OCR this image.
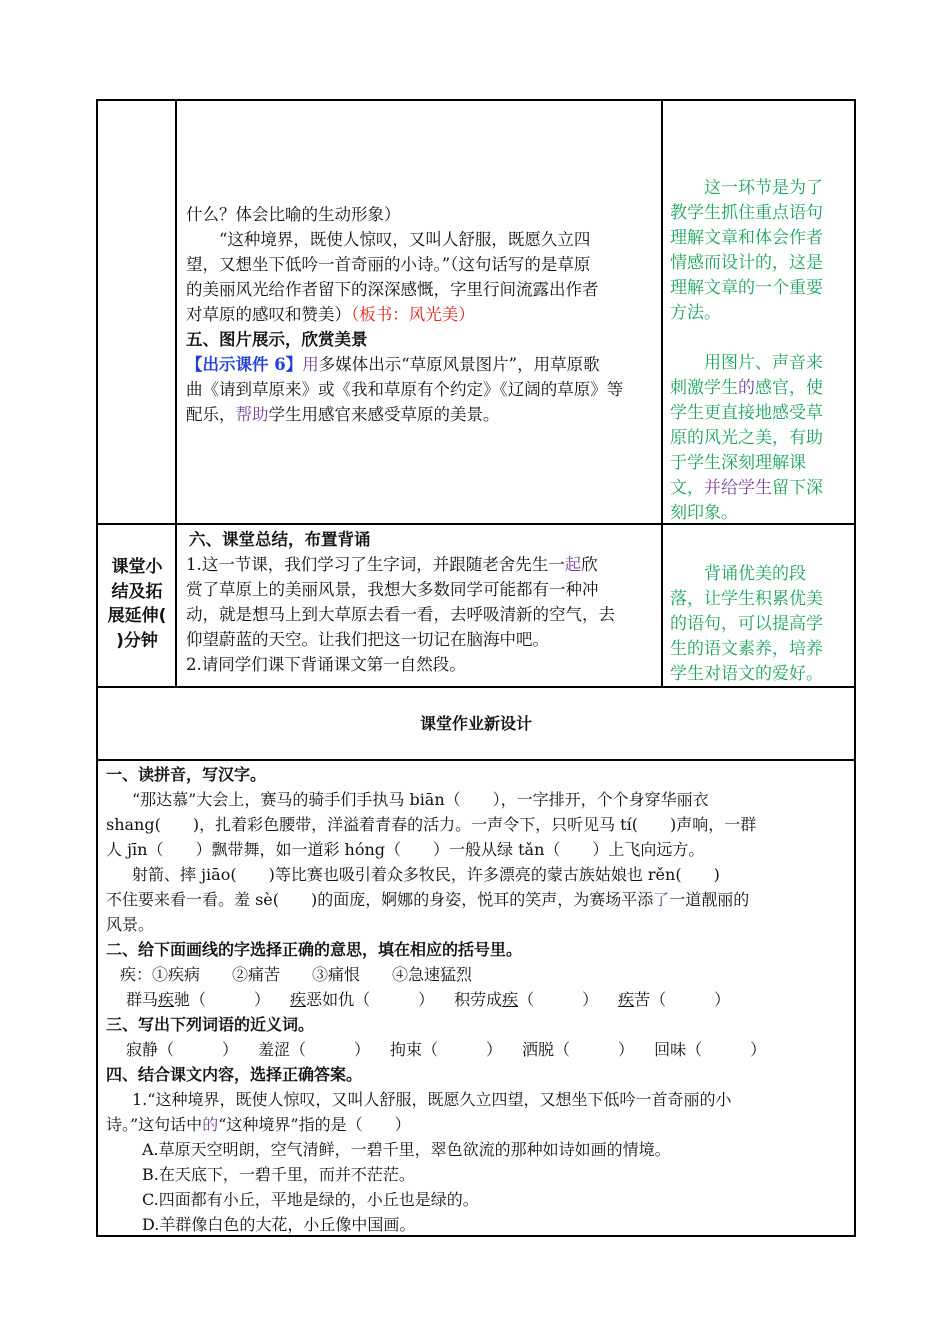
什么？体会比喻的生动形象）

“这种境界，既使人惊叹，又叫人舒服，既愿久立四

望，又想坐下低吟一首奇丽的小诗。”（这句话写的是草原

的美丽风光给作者留下的深深感慨，字里行间流露出作者

对草原的感叹和赞美）（板书：风光美）

五、图片展示，欣赏美景

【出示课件 6】用多媒体出示“草原风景图片”，用草原歌

曲《请到草原来》或《我和草原有个约定》《辽阔的草原》等

配乐，帮助学生用感官来感受草原的美景。

这一环节是为了

教学生抓住重点语句

理解文章和体会作者

情感而设计的，这是

理解文章的一个重要

方法。

用图片、声音来

刺激学生的感官，使

学生更直接地感受草

原的风光之美，有助

于学生深刻理解课

文，并给学生留下深

刻印象。

课堂小

结及拓

展延伸(

)分钟

六、课堂总结，布置背诵

1.这一节课，我们学习了生字词，并跟随老舍先生一起欣

赏了草原上的美丽风景，我想大多数同学可能都有一种冲

动，就是想马上到大草原去看一看，去呼吸清新的空气，去

仰望蔚蓝的天空。让我们把这一切记在脑海中吧。

2.请同学们课下背诵课文第一自然段。

背诵优美的段

落，让学生积累优美

的语句，可以提高学

生的语文素养，培养

学生对语文的爱好。

课堂作业新设计

一、读拼音，写汉字。

“那达慕”大会上，赛马的骑手们手执马 biān（　　），一字排开，个个身穿华丽衣

shang(　　)，扎着彩色腰带，洋溢着青春的活力。一声令下，只听见马 tí(　　)声响，一群

人 jīn（　　）飘带舞，如一道彩 hóng（　　）一般从绿 tǎn（　　）上飞向远方。

射箭、摔 jiāo(　　)等比赛也吸引着众多牧民，许多漂亮的蒙古族姑娘也 rěn(　　)

不住要来看一看。羞 sè(　　)的面庞，婀娜的身姿，悦耳的笑声，为赛场平添了一道靓丽的

风景。

二、给下面画线的字选择正确的意思，填在相应的括号里。

疾：①疾病　　②痛苦　　③痛恨　　④急速猛烈

群马疾驰（　　　） 疾恶如仇（　　　） 积劳成疾（　　　） 疾苦（　　　）

三、写出下列词语的近义词。

寂静（　　　） 羞涩（　　　） 拘束（　　　） 洒脱（　　　） 回味（　　　）

四、结合课文内容，选择正确答案。

1.“这种境界，既使人惊叹，又叫人舒服，既愿久立四望，又想坐下低吟一首奇丽的小

诗。”这句话中的“这种境界”指的是（　　）

A.草原天空明朗，空气清鲜，一碧千里，翠色欲流的那种如诗如画的情境。

B.在天底下，一碧千里，而并不茫茫。

C.四面都有小丘，平地是绿的，小丘也是绿的。

D.羊群像白色的大花，小丘像中国画。
